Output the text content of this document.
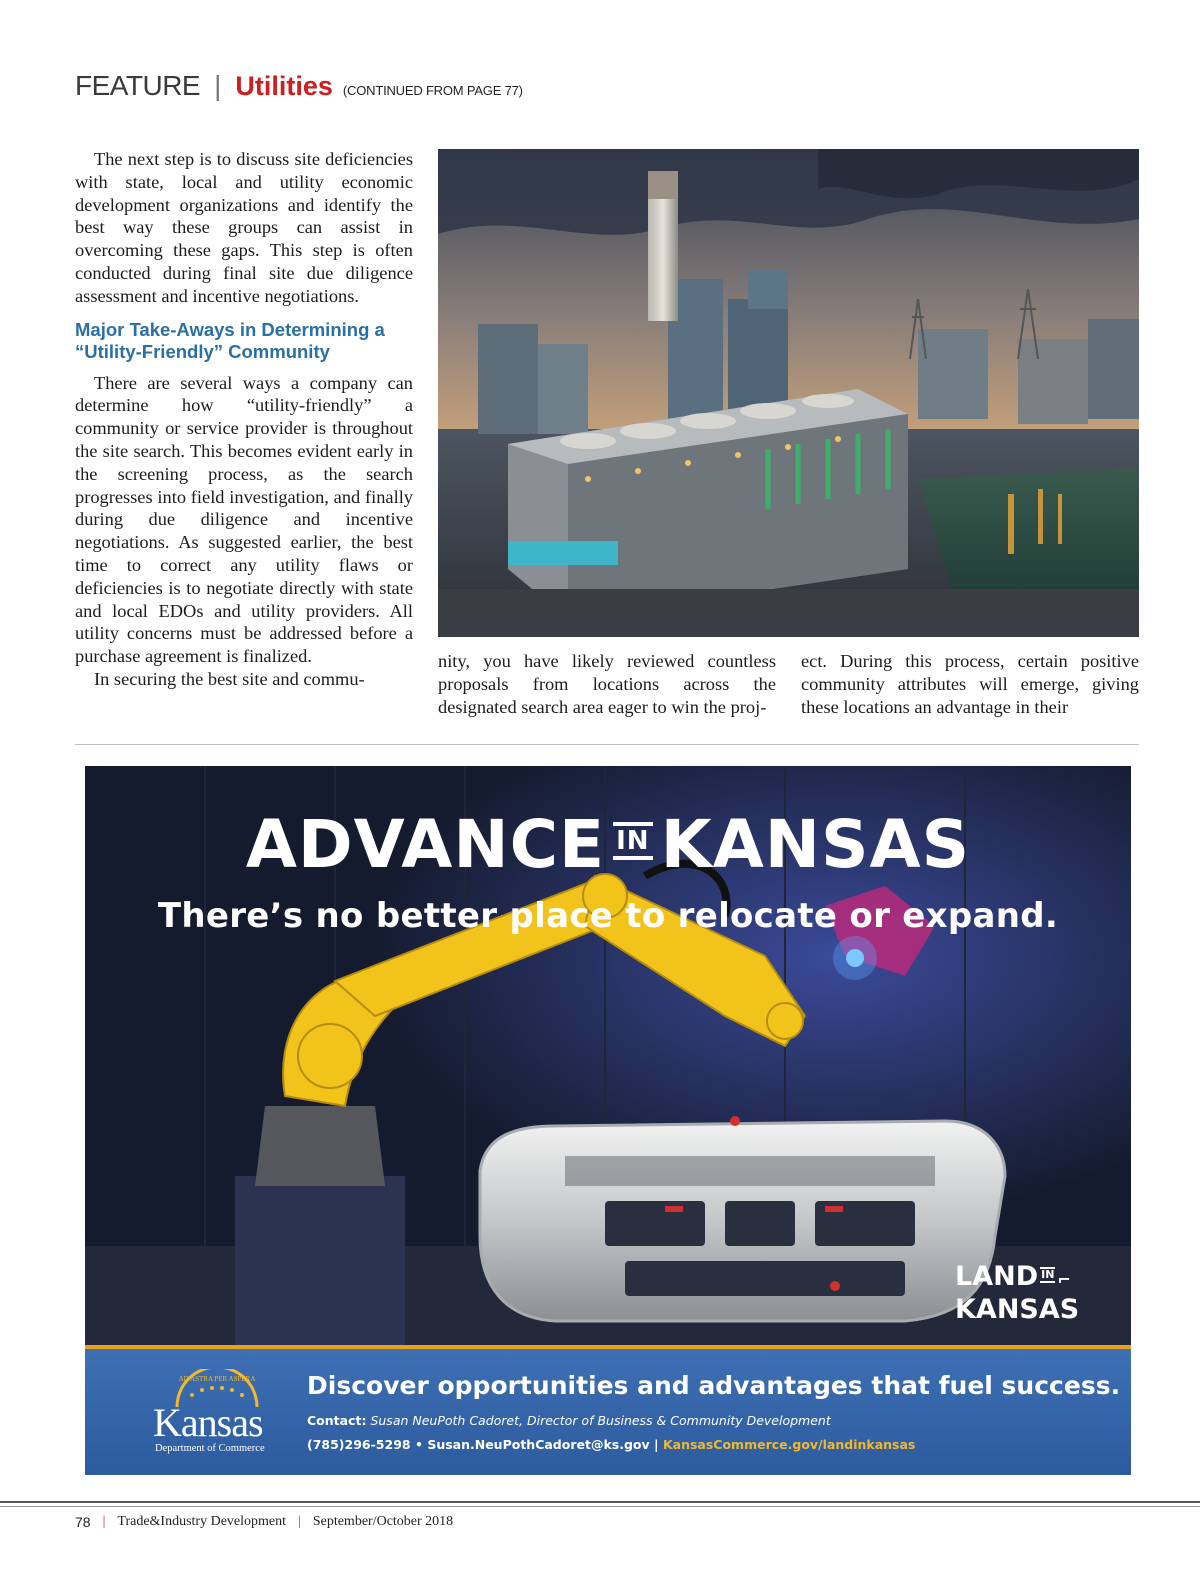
FEATURE | Utilities (CONTINUED FROM PAGE 77)

The next step is to discuss site deficiencies with state, local and utility economic development organizations and identify the best way these groups can assist in overcoming these gaps. This step is often conducted during final site due diligence assessment and incentive negotiations.

Major Take-Aways in Determining a “Utility-Friendly” Community

There are several ways a company can determine how “utility-friendly” a community or service provider is throughout the site search. This becomes evident early in the screening process, as the search progresses into field investigation, and finally during due diligence and incentive negotiations. As suggested earlier, the best time to correct any utility flaws or deficiencies is to negotiate directly with state and local EDOs and utility providers. All utility concerns must be addressed before a purchase agreement is finalized.

In securing the best site and commu-

nity, you have likely reviewed countless proposals from locations across the designated search area eager to win the proj-

ect. During this process, certain positive community attributes will emerge, giving these locations an advantage in their

ADVANCE IN KANSAS
There’s no better place to relocate or expand.
LAND IN ⌐
KANSAS
AD ASTRA PER ASPERA
Kansas
Department of Commerce
Discover opportunities and advantages that fuel success.
Contact: Susan NeuPoth Cadoret, Director of Business & Community Development
(785)296-5298 • Susan.NeuPothCadoret@ks.gov | KansasCommerce.gov/landinkansas
78 | Trade&Industry Development | September/October 2018
